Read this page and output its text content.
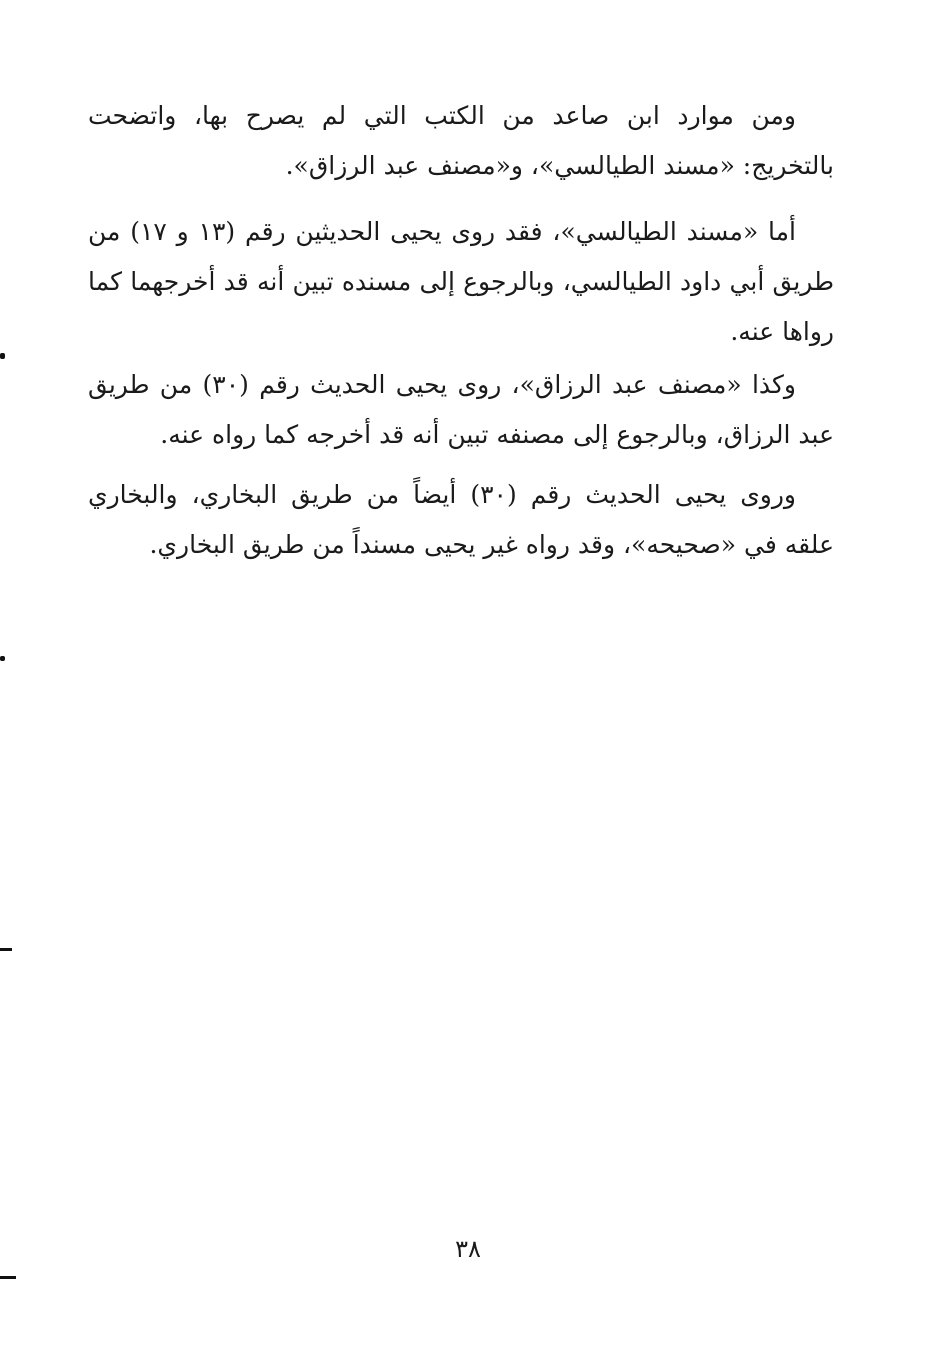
ومن موارد ابن صاعد من الكتب التي لم يصرح بها، واتضحت بالتخريج: «مسند الطيالسي»، و«مصنف عبد الرزاق».

أما «مسند الطيالسي»، فقد روى يحيى الحديثين رقم (١٣ و ١٧) من طريق أبي داود الطيالسي، وبالرجوع إلى مسنده تبين أنه قد أخرجهما كما رواها عنه.

وكذا «مصنف عبد الرزاق»، روى يحيى الحديث رقم (٣٠) من طريق عبد الرزاق، وبالرجوع إلى مصنفه تبين أنه قد أخرجه كما رواه عنه.

وروى يحيى الحديث رقم (٣٠) أيضاً من طريق البخاري، والبخاري علقه في «صحيحه»، وقد رواه غير يحيى مسنداً من طريق البخاري.

٣٨
